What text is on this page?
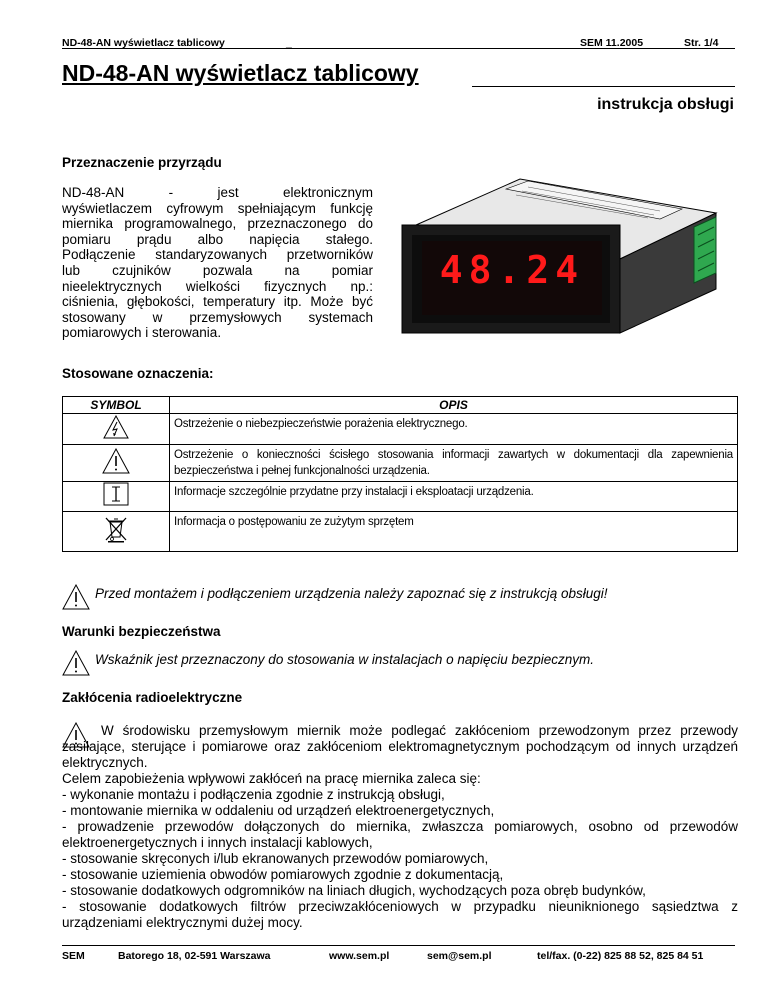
ND-48-AN wyświetlacz tablicowy	_	SEM 11.2005	Str. 1/4
ND-48-AN wyświetlacz tablicowy
instrukcja obsługi
Przeznaczenie przyrządu
ND-48-AN - jest elektronicznym
wyświetlaczem cyfrowym spełniającym funkcję
miernika programowalnego, przeznaczonego do
pomiaru prądu albo napięcia stałego.
Podłączenie standaryzowanych przetworników
lub czujników pozwala na pomiar
nieelektrycznych wielkości fizycznych np.:
ciśnienia, głębokości, temperatury itp. Może być
stosowany w przemysłowych systemach
pomiarowych i sterowania.
48.24
Stosowane oznaczenia:
SYMBOL	OPIS
	Ostrzeżenie o niebezpieczeństwie porażenia elektrycznego.
	Ostrzeżenie o konieczności ścisłego stosowania informacji zawartych w dokumentacji dla zapewnienia bezpieczeństwa i pełnej funkcjonalności urządzenia.
	Informacje szczególnie przydatne przy instalacji i eksploatacji urządzenia.
	Informacja o postępowaniu ze zużytym sprzętem
Przed montażem i podłączeniem urządzenia należy zapoznać się z instrukcją obsługi!
Warunki bezpieczeństwa
Wskaźnik jest przeznaczony do stosowania w instalacjach o napięciu bezpiecznym.
Zakłócenia radioelektryczne

W środowisku przemysłowym miernik może podlegać zakłóceniom przewodzonym przez przewody zasilające, sterujące i pomiarowe oraz zakłóceniom elektromagnetycznym pochodzącym od innych urządzeń elektrycznych.

Celem zapobieżenia wpływowi zakłóceń na pracę miernika zaleca się:

- wykonanie montażu i podłączenia zgodnie z instrukcją obsługi,

- montowanie miernika w oddaleniu od urządzeń elektroenergetycznych,

- prowadzenie przewodów dołączonych do miernika, zwłaszcza pomiarowych, osobno od przewodów elektroenergetycznych i innych instalacji kablowych,

- stosowanie skręconych i/lub ekranowanych przewodów pomiarowych,

- stosowanie uziemienia obwodów pomiarowych zgodnie z dokumentacją,

- stosowanie dodatkowych odgromników na liniach długich, wychodzących poza obręb budynków,

- stosowanie dodatkowych filtrów przeciwzakłóceniowych w przypadku nieuniknionego sąsiedztwa z urządzeniami elektrycznymi dużej mocy.

SEM	Batorego 18, 02-591 Warszawa	www.sem.pl	sem@sem.pl	tel/fax. (0-22) 825 88 52, 825 84 51
